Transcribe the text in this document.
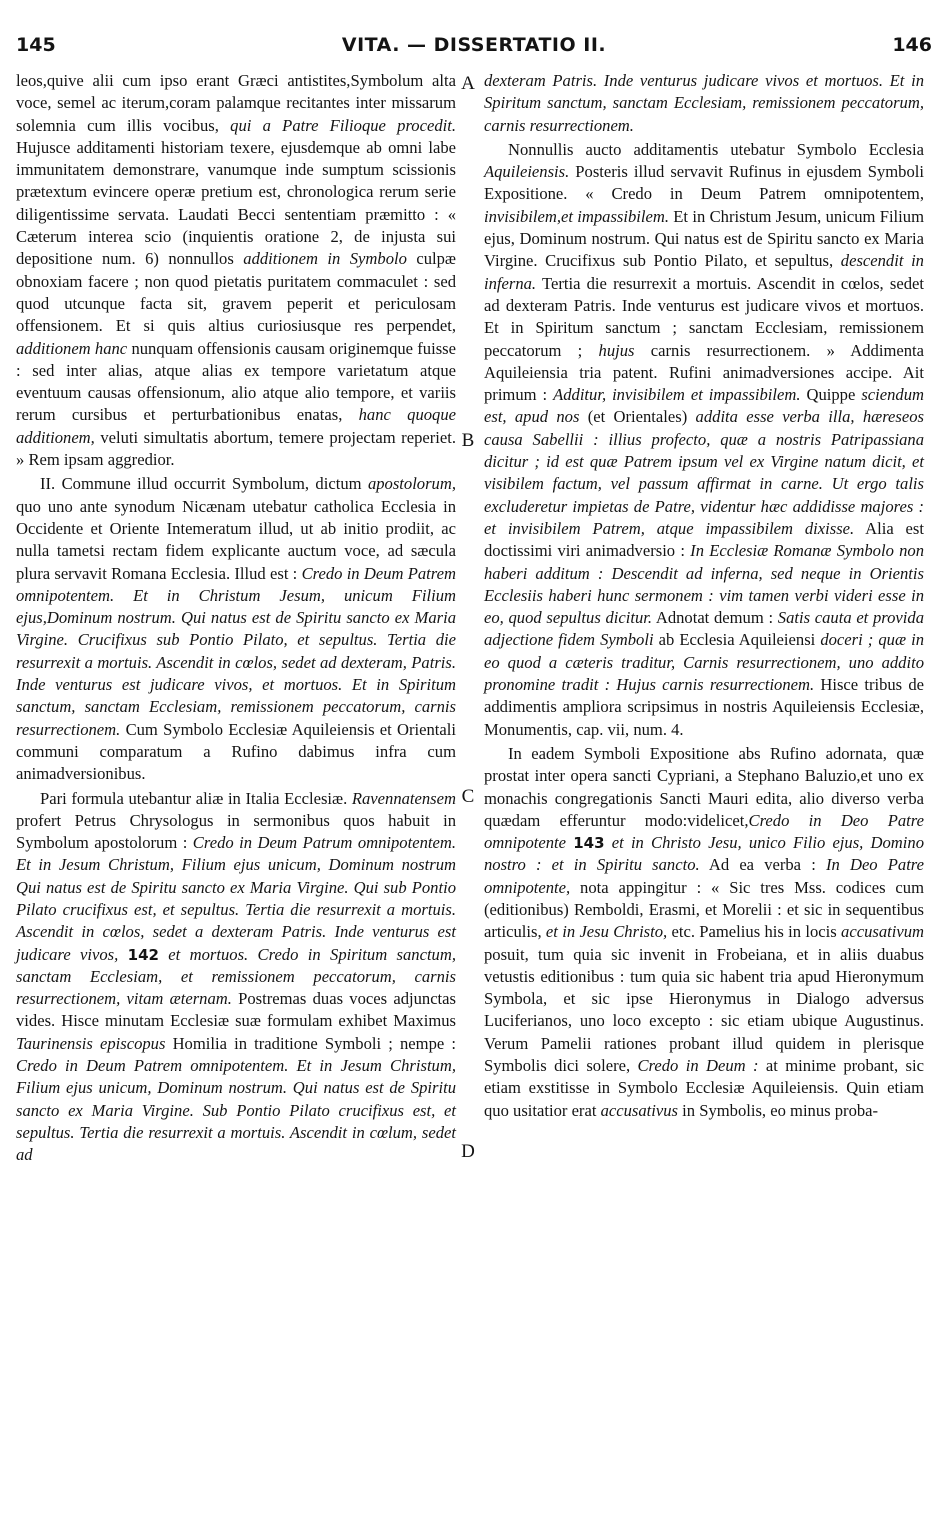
145	VITA. — DISSERTATIO II.	146
A
B
C
D

leos,quive alii cum ipso erant Græci antistites,Symbolum alta voce, semel ac iterum,coram palamque recitantes inter missarum solemnia cum illis vocibus, qui a Patre Filioque procedit. Hujusce additamenti historiam texere, ejusdemque ab omni labe immunitatem demonstrare, vanumque inde sumptum scissionis prætextum evincere operæ pretium est, chronologica rerum serie diligentissime servata. Laudati Becci sententiam præmitto : « Cæterum interea scio (inquientis oratione 2, de injusta sui depositione num. 6) nonnullos additionem in Symbolo culpæ obnoxiam facere ; non quod pietatis puritatem commaculet : sed quod utcunque facta sit, gravem peperit et periculosam offensionem. Et si quis altius curiosiusque res perpendet, additionem hanc nunquam offensionis causam originemque fuisse : sed inter alias, atque alias ex tempore varietatum atque eventuum causas offensionum, alio atque alio tempore, et variis rerum cursibus et perturbationibus enatas, hanc quoque additionem, veluti simultatis abortum, temere projectam reperiet. » Rem ipsam aggredior.

II. Commune illud occurrit Symbolum, dictum apostolorum, quo uno ante synodum Nicænam utebatur catholica Ecclesia in Occidente et Oriente Intemeratum illud, ut ab initio prodiit, ac nulla tametsi rectam fidem explicante auctum voce, ad sæcula plura servavit Romana Ecclesia. Illud est : Credo in Deum Patrem omnipotentem. Et in Christum Jesum, unicum Filium ejus,Dominum nostrum. Qui natus est de Spiritu sancto ex Maria Virgine. Crucifixus sub Pontio Pilato, et sepultus. Tertia die resurrexit a mortuis. Ascendit in cœlos, sedet ad dexteram, Patris. Inde venturus est judicare vivos, et mortuos. Et in Spiritum sanctum, sanctam Ecclesiam, remissionem peccatorum, carnis resurrectionem. Cum Symbolo Ecclesiæ Aquileiensis et Orientali communi comparatum a Rufino dabimus infra cum animadversionibus.

Pari formula utebantur aliæ in Italia Ecclesiæ. Ravennatensem profert Petrus Chrysologus in sermonibus quos habuit in Symbolum apostolorum : Credo in Deum Patrum omnipotentem. Et in Jesum Christum, Filium ejus unicum, Dominum nostrum Qui natus est de Spiritu sancto ex Maria Virgine. Qui sub Pontio Pilato crucifixus est, et sepultus. Tertia die resurrexit a mortuis. Ascendit in cœlos, sedet a dexteram Patris. Inde venturus est judicare vivos, 142 et mortuos. Credo in Spiritum sanctum, sanctam Ecclesiam, et remissionem peccatorum, carnis resurrectionem, vitam æternam. Postremas duas voces adjunctas vides. Hisce minutam Ecclesiæ suæ formulam exhibet Maximus Taurinensis episcopus Homilia in traditione Symboli ; nempe : Credo in Deum Patrem omnipotentem. Et in Jesum Christum, Filium ejus unicum, Dominum nostrum. Qui natus est de Spiritu sancto ex Maria Virgine. Sub Pontio Pilato crucifixus est, et sepultus. Tertia die resurrexit a mortuis. Ascendit in cœlum, sedet ad

dexteram Patris. Inde venturus judicare vivos et mortuos. Et in Spiritum sanctum, sanctam Ecclesiam, remissionem peccatorum, carnis resurrectionem.

Nonnullis aucto additamentis utebatur Symbolo Ecclesia Aquileiensis. Posteris illud servavit Rufinus in ejusdem Symboli Expositione. « Credo in Deum Patrem omnipotentem, invisibilem,et impassibilem. Et in Christum Jesum, unicum Filium ejus, Dominum nostrum. Qui natus est de Spiritu sancto ex Maria Virgine. Crucifixus sub Pontio Pilato, et sepultus, descendit in inferna. Tertia die resurrexit a mortuis. Ascendit in cœlos, sedet ad dexteram Patris. Inde venturus est judicare vivos et mortuos. Et in Spiritum sanctum ; sanctam Ecclesiam, remissionem peccatorum ; hujus carnis resurrectionem. » Addimenta Aquileiensia tria patent. Rufini animadversiones accipe. Ait primum : Additur, invisibilem et impassibilem. Quippe sciendum est, apud nos (et Orientales) addita esse verba illa, hæreseos causa Sabellii : illius profecto, quæ a nostris Patripassiana dicitur ; id est quæ Patrem ipsum vel ex Virgine natum dicit, et visibilem factum, vel passum affirmat in carne. Ut ergo talis excluderetur impietas de Patre, videntur hæc addidisse majores : et invisibilem Patrem, atque impassibilem dixisse. Alia est doctissimi viri animadversio : In Ecclesiæ Romanæ Symbolo non haberi additum : Descendit ad inferna, sed neque in Orientis Ecclesiis haberi hunc sermonem : vim tamen verbi videri esse in eo, quod sepultus dicitur. Adnotat demum : Satis cauta et provida adjectione fidem Symboli ab Ecclesia Aquileiensi doceri ; quæ in eo quod a cæteris traditur, Carnis resurrectionem, uno addito pronomine tradit : Hujus carnis resurrectionem. Hisce tribus de addimentis ampliora scripsimus in nostris Aquileiensis Ecclesiæ, Monumentis, cap. vii, num. 4.

In eadem Symboli Expositione abs Rufino adornata, quæ prostat inter opera sancti Cypriani, a Stephano Baluzio,et uno ex monachis congregationis Sancti Mauri edita, alio diverso verba quædam efferuntur modo:videlicet,Credo in Deo Patre omnipotente 143 et in Christo Jesu, unico Filio ejus, Domino nostro : et in Spiritu sancto. Ad ea verba : In Deo Patre omnipotente, nota appingitur : « Sic tres Mss. codices cum (editionibus) Remboldi, Erasmi, et Morelii : et sic in sequentibus articulis, et in Jesu Christo, etc. Pamelius his in locis accusativum posuit, tum quia sic invenit in Frobeiana, et in aliis duabus vetustis editionibus : tum quia sic habent tria apud Hieronymum Symbola, et sic ipse Hieronymus in Dialogo adversus Luciferianos, uno loco excepto : sic etiam ubique Augustinus. Verum Pamelii rationes probant illud quidem in plerisque Symbolis dici solere, Credo in Deum : at minime probant, sic etiam exstitisse in Symbolo Ecclesiæ Aquileiensis. Quin etiam quo usitatior erat accusativus in Symbolis, eo minus proba-
